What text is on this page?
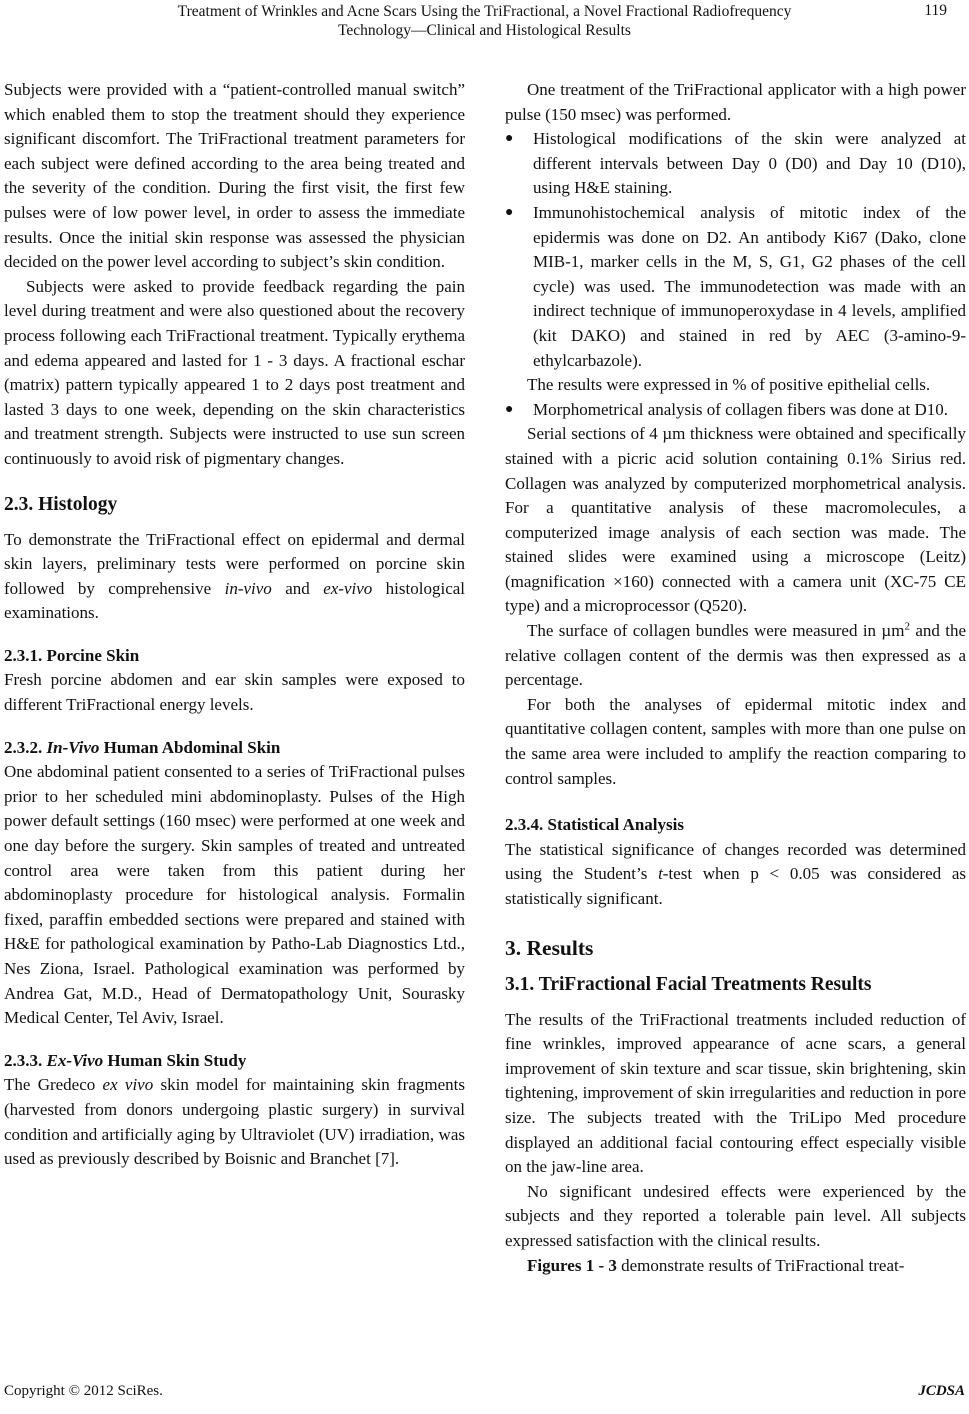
Treatment of Wrinkles and Acne Scars Using the TriFractional, a Novel Fractional Radiofrequency
Technology—Clinical and Histological Results
119

Subjects were provided with a “patient-controlled manual switch” which enabled them to stop the treatment should they experience significant discomfort. The TriFractional treatment parameters for each subject were defined according to the area being treated and the severity of the condition. During the first visit, the first few pulses were of low power level, in order to assess the immediate results. Once the initial skin response was assessed the physician decided on the power level according to subject’s skin condition.

Subjects were asked to provide feedback regarding the pain level during treatment and were also questioned about the recovery process following each TriFractional treatment. Typically erythema and edema appeared and lasted for 1 - 3 days. A fractional eschar (matrix) pattern typically appeared 1 to 2 days post treatment and lasted 3 days to one week, depending on the skin characteristics and treatment strength. Subjects were instructed to use sun screen continuously to avoid risk of pigmentary changes.

2.3. Histology

To demonstrate the TriFractional effect on epidermal and dermal skin layers, preliminary tests were performed on porcine skin followed by comprehensive in-vivo and ex-vivo histological examinations.

2.3.1. Porcine Skin

Fresh porcine abdomen and ear skin samples were exposed to different TriFractional energy levels.

2.3.2. In-Vivo Human Abdominal Skin

One abdominal patient consented to a series of TriFractional pulses prior to her scheduled mini abdominoplasty. Pulses of the High power default settings (160 msec) were performed at one week and one day before the surgery. Skin samples of treated and untreated control area were taken from this patient during her abdominoplasty procedure for histological analysis. Formalin fixed, paraffin embedded sections were prepared and stained with H&E for pathological examination by Patho-Lab Diagnostics Ltd., Nes Ziona, Israel. Pathological examination was performed by Andrea Gat, M.D., Head of Dermatopathology Unit, Sourasky Medical Center, Tel Aviv, Israel.

2.3.3. Ex-Vivo Human Skin Study

The Gredeco ex vivo skin model for maintaining skin fragments (harvested from donors undergoing plastic surgery) in survival condition and artificially aging by Ultraviolet (UV) irradiation, was used as previously described by Boisnic and Branchet [7].

One treatment of the TriFractional applicator with a high power pulse (150 msec) was performed.

●	Histological modifications of the skin were analyzed at different intervals between Day 0 (D0) and Day 10 (D10), using H&E staining.
●	Immunohistochemical analysis of mitotic index of the epidermis was done on D2. An antibody Ki67 (Dako, clone MIB-1, marker cells in the M, S, G1, G2 phases of the cell cycle) was used. The immunodetection was made with an indirect technique of immunoperoxydase in 4 levels, amplified (kit DAKO) and stained in red by AEC (3-amino-9-ethylcarbazole).

The results were expressed in % of positive epithelial cells.

●	Morphometrical analysis of collagen fibers was done at D10.

Serial sections of 4 µm thickness were obtained and specifically stained with a picric acid solution containing 0.1% Sirius red. Collagen was analyzed by computerized morphometrical analysis. For a quantitative analysis of these macromolecules, a computerized image analysis of each section was made. The stained slides were examined using a microscope (Leitz) (magnification ×160) connected with a camera unit (XC-75 CE type) and a microprocessor (Q520).

The surface of collagen bundles were measured in µm$^2$ and the relative collagen content of the dermis was then expressed as a percentage.

For both the analyses of epidermal mitotic index and quantitative collagen content, samples with more than one pulse on the same area were included to amplify the reaction comparing to control samples.

2.3.4. Statistical Analysis

The statistical significance of changes recorded was determined using the Student’s t-test when p < 0.05 was considered as statistically significant.

3. Results
3.1. TriFractional Facial Treatments Results

The results of the TriFractional treatments included reduction of fine wrinkles, improved appearance of acne scars, a general improvement of skin texture and scar tissue, skin brightening, skin tightening, improvement of skin irregularities and reduction in pore size. The subjects treated with the TriLipo Med procedure displayed an additional facial contouring effect especially visible on the jaw-line area.

No significant undesired effects were experienced by the subjects and they reported a tolerable pain level. All subjects expressed satisfaction with the clinical results.

Figures 1 - 3 demonstrate results of TriFractional treat-

Copyright © 2012 SciRes.	JCDSA
